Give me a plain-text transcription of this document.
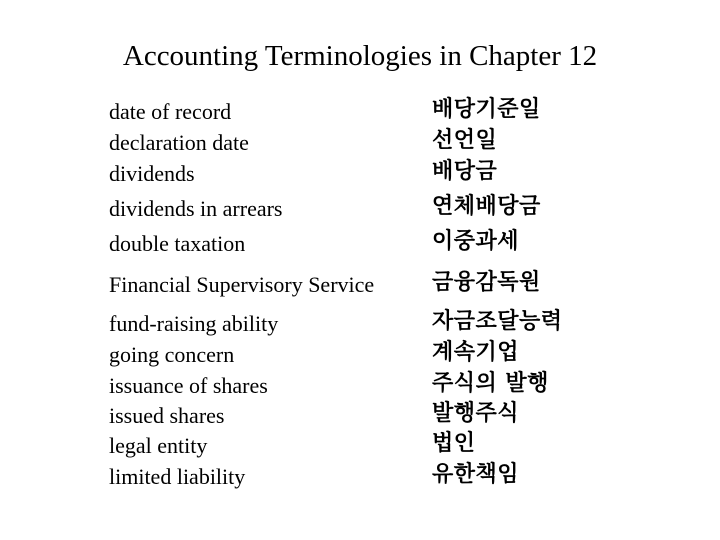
Accounting Terminologies in Chapter 12
date of record	배당기준일
declaration date	선언일
dividends	배당금
dividends in arrears	연체배당금
double taxation	이중과세
Financial Supervisory Service	금융감독원
fund-raising ability	자금조달능력
going concern	계속기업
issuance of shares	주식의 발행
issued shares	발행주식
legal entity	법인
limited liability	유한책임
